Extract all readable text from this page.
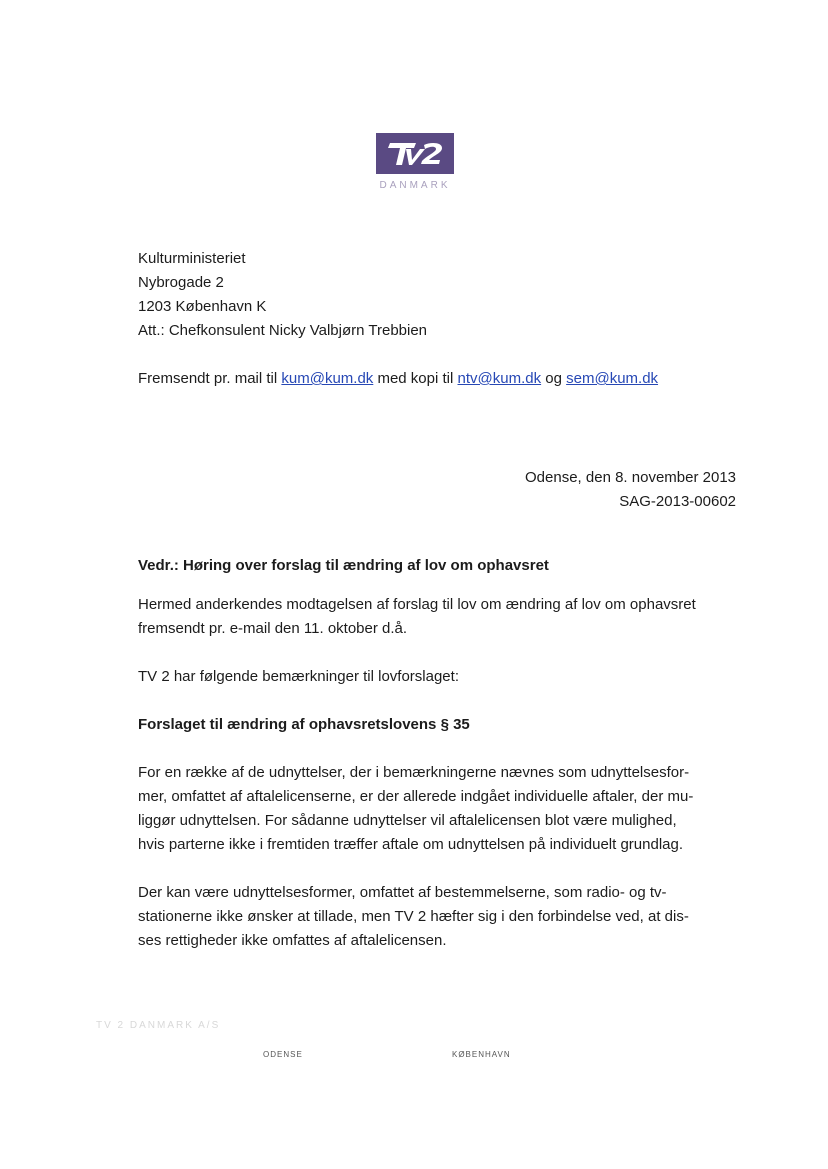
DANMARK
Kulturministeriet
Nybrogade 2
1203 København K
Att.: Chefkonsulent Nicky Valbjørn Trebbien
Fremsendt pr. mail til kum@kum.dk med kopi til ntv@kum.dk og sem@kum.dk
Odense, den 8. november 2013
SAG-2013-00602
Vedr.: Høring over forslag til ændring af lov om ophavsret
Hermed anderkendes modtagelsen af forslag til lov om ændring af lov om ophavsret
fremsendt pr. e-mail den 11. oktober d.å.
TV 2 har følgende bemærkninger til lovforslaget:
Forslaget til ændring af ophavsretslovens § 35
For en række af de udnyttelser, der i bemærkningerne nævnes som udnyttelsesfor-
mer, omfattet af aftalelicenserne, er der allerede indgået individuelle aftaler, der mu-
liggør udnyttelsen. For sådanne udnyttelser vil aftalelicensen blot være mulighed,
hvis parterne ikke i fremtiden træffer aftale om udnyttelsen på individuelt grundlag.
Der kan være udnyttelsesformer, omfattet af bestemmelserne, som radio- og tv-
stationerne ikke ønsker at tillade, men TV 2 hæfter sig i den forbindelse ved, at dis-
ses rettigheder ikke omfattes af aftalelicensen.
TV 2 DANMARK A/S
ODENSE	KØBENHAVN
